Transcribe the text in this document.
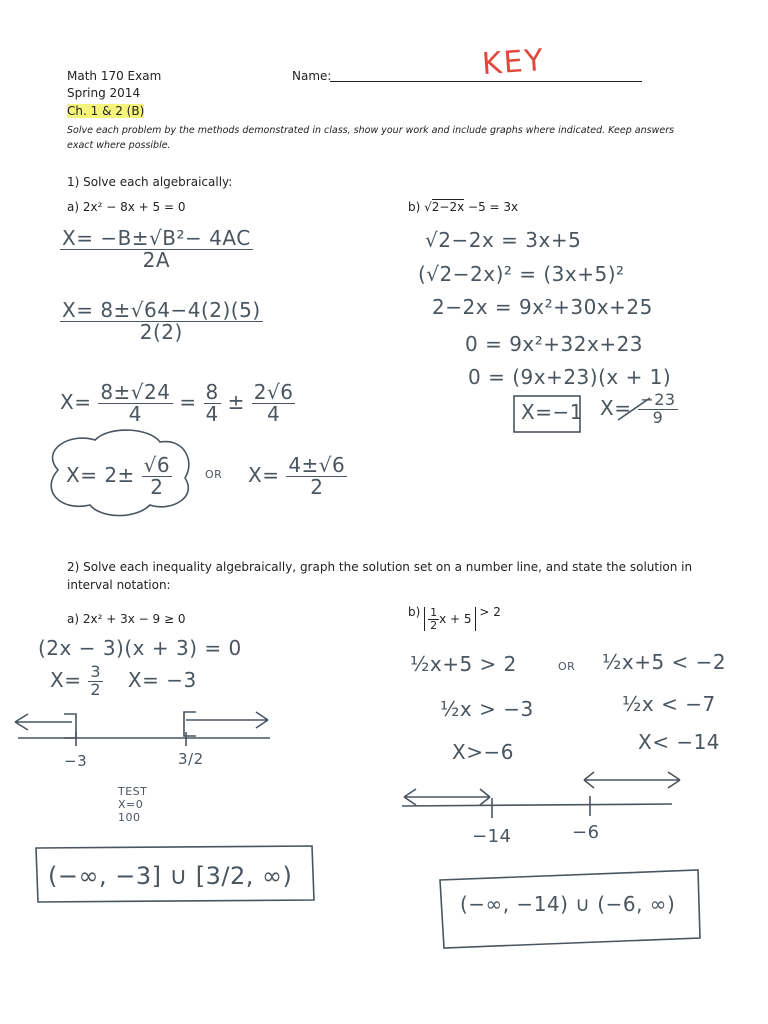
Math 170 Exam
Spring 2014
Ch. 1 & 2 (B)
Name:	KEY
Solve each problem by the methods demonstrated in class, show your work and include graphs where indicated. Keep answers
exact where possible.
1) Solve each algebraically:
a) 2x² − 8x + 5 = 0	b) √2−2x −5 = 3x
$\frac{\text{X= −B±√B²− 4AC}}{2A}$
$\frac{X= 8\pm√64-4(2)(5)}{2(2)}$
$X= \frac{8\pm√24}{4} = \frac{8}{4} \pm \frac{2√6}{4}$
$X= 2\pm \frac{√6}{2}$	OR $X= \frac{4\pm√6}{2}$
√2−2x = 3x+5
(√2−2x)² = (3x+5)²
2−2x = 9x²+30x+25
0 = 9x²+32x+23
0 = (9x+23)(x + 1)
X=−1 $X= \frac{-23}{9}$
2) Solve each inequality algebraically, graph the solution set on a number line, and state the solution in
interval notation:
a) 2x² + 3x − 9 ≥ 0	$b) \frac{1}{2}$ x + 5
> 2
(2x − 3)(x + 3) = 0
$X= \frac{3}{2} X= -3$
−3	3/2
TEST
X=0
100
(−∞, −3] ∪ [3/2, ∞)
½x+5 > 2	OR ½x+5 < −2
½x > −3	½x < −7
X>−6	X< −14
−14	−6
(−∞, −14) ∪ (−6, ∞)
